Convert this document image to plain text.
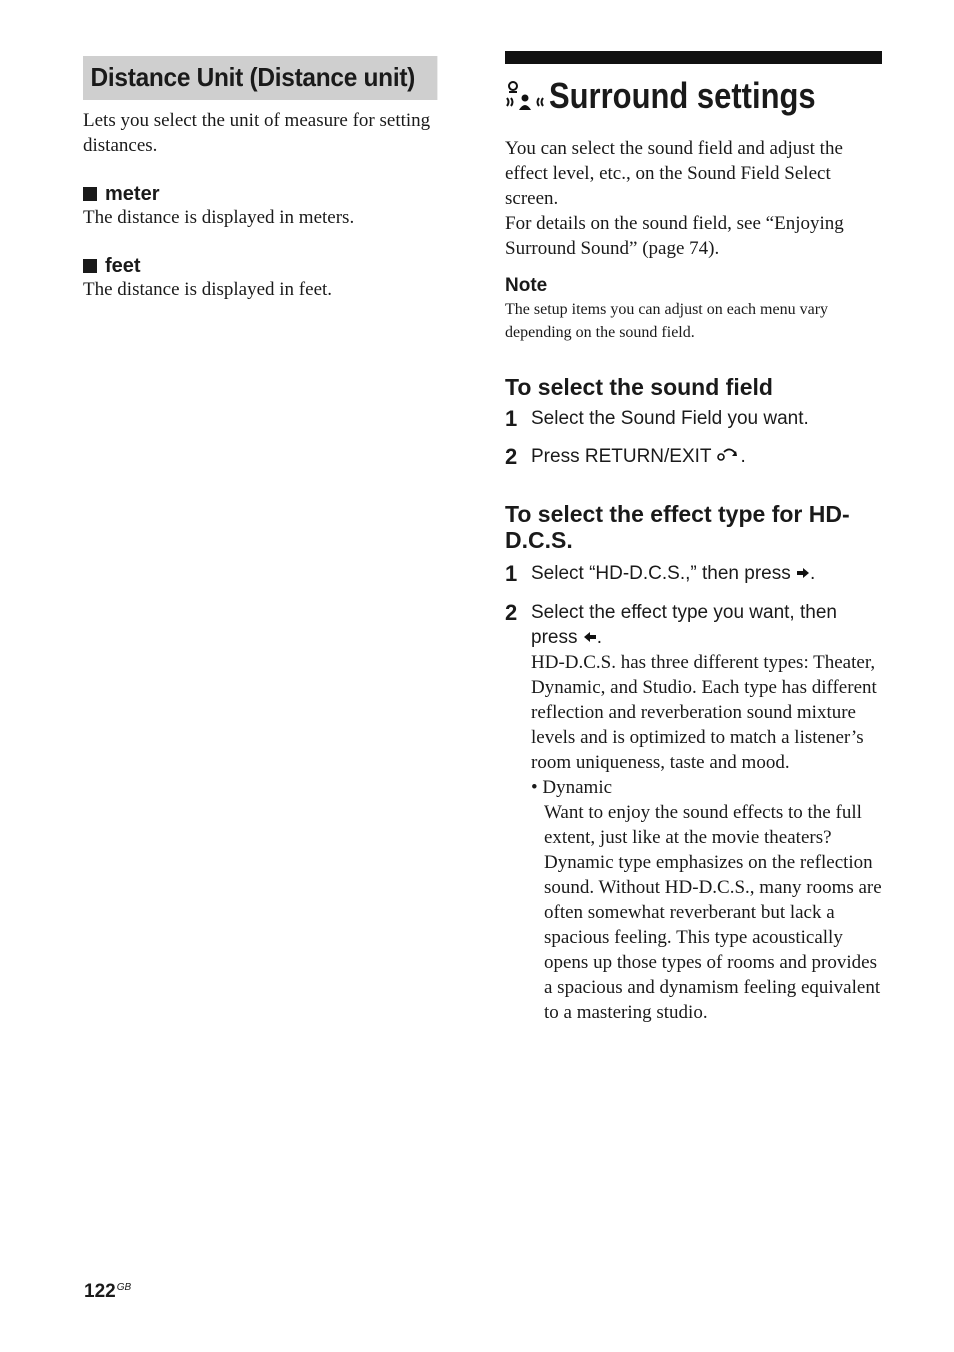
Distance Unit (Distance unit)
Lets you select the unit of measure for setting distances.
meter
The distance is displayed in meters.
feet
The distance is displayed in feet.
Surround settings
You can select the sound field and adjust the effect level, etc., on the Sound Field Select screen.
For details on the sound field, see “Enjoying Surround Sound” (page 74).
Note
The setup items you can adjust on each menu vary depending on the sound field.
To select the sound field
1 Select the Sound Field you want.
2 Press RETURN/EXIT .
To select the effect type for HD-D.C.S.
1 Select “HD-D.C.S.,” then press .
2 Select the effect type you want, then press .
HD-D.C.S. has three different types: Theater, Dynamic, and Studio. Each type has different reflection and reverberation sound mixture levels and is optimized to match a listener’s room uniqueness, taste and mood.
• Dynamic
Want to enjoy the sound effects to the full extent, just like at the movie theaters? Dynamic type emphasizes on the reflection sound. Without HD-D.C.S., many rooms are often somewhat reverberant but lack a spacious feeling. This type acoustically opens up those types of rooms and provides a spacious and dynamism feeling equivalent to a mastering studio.
$122^{GB}$
